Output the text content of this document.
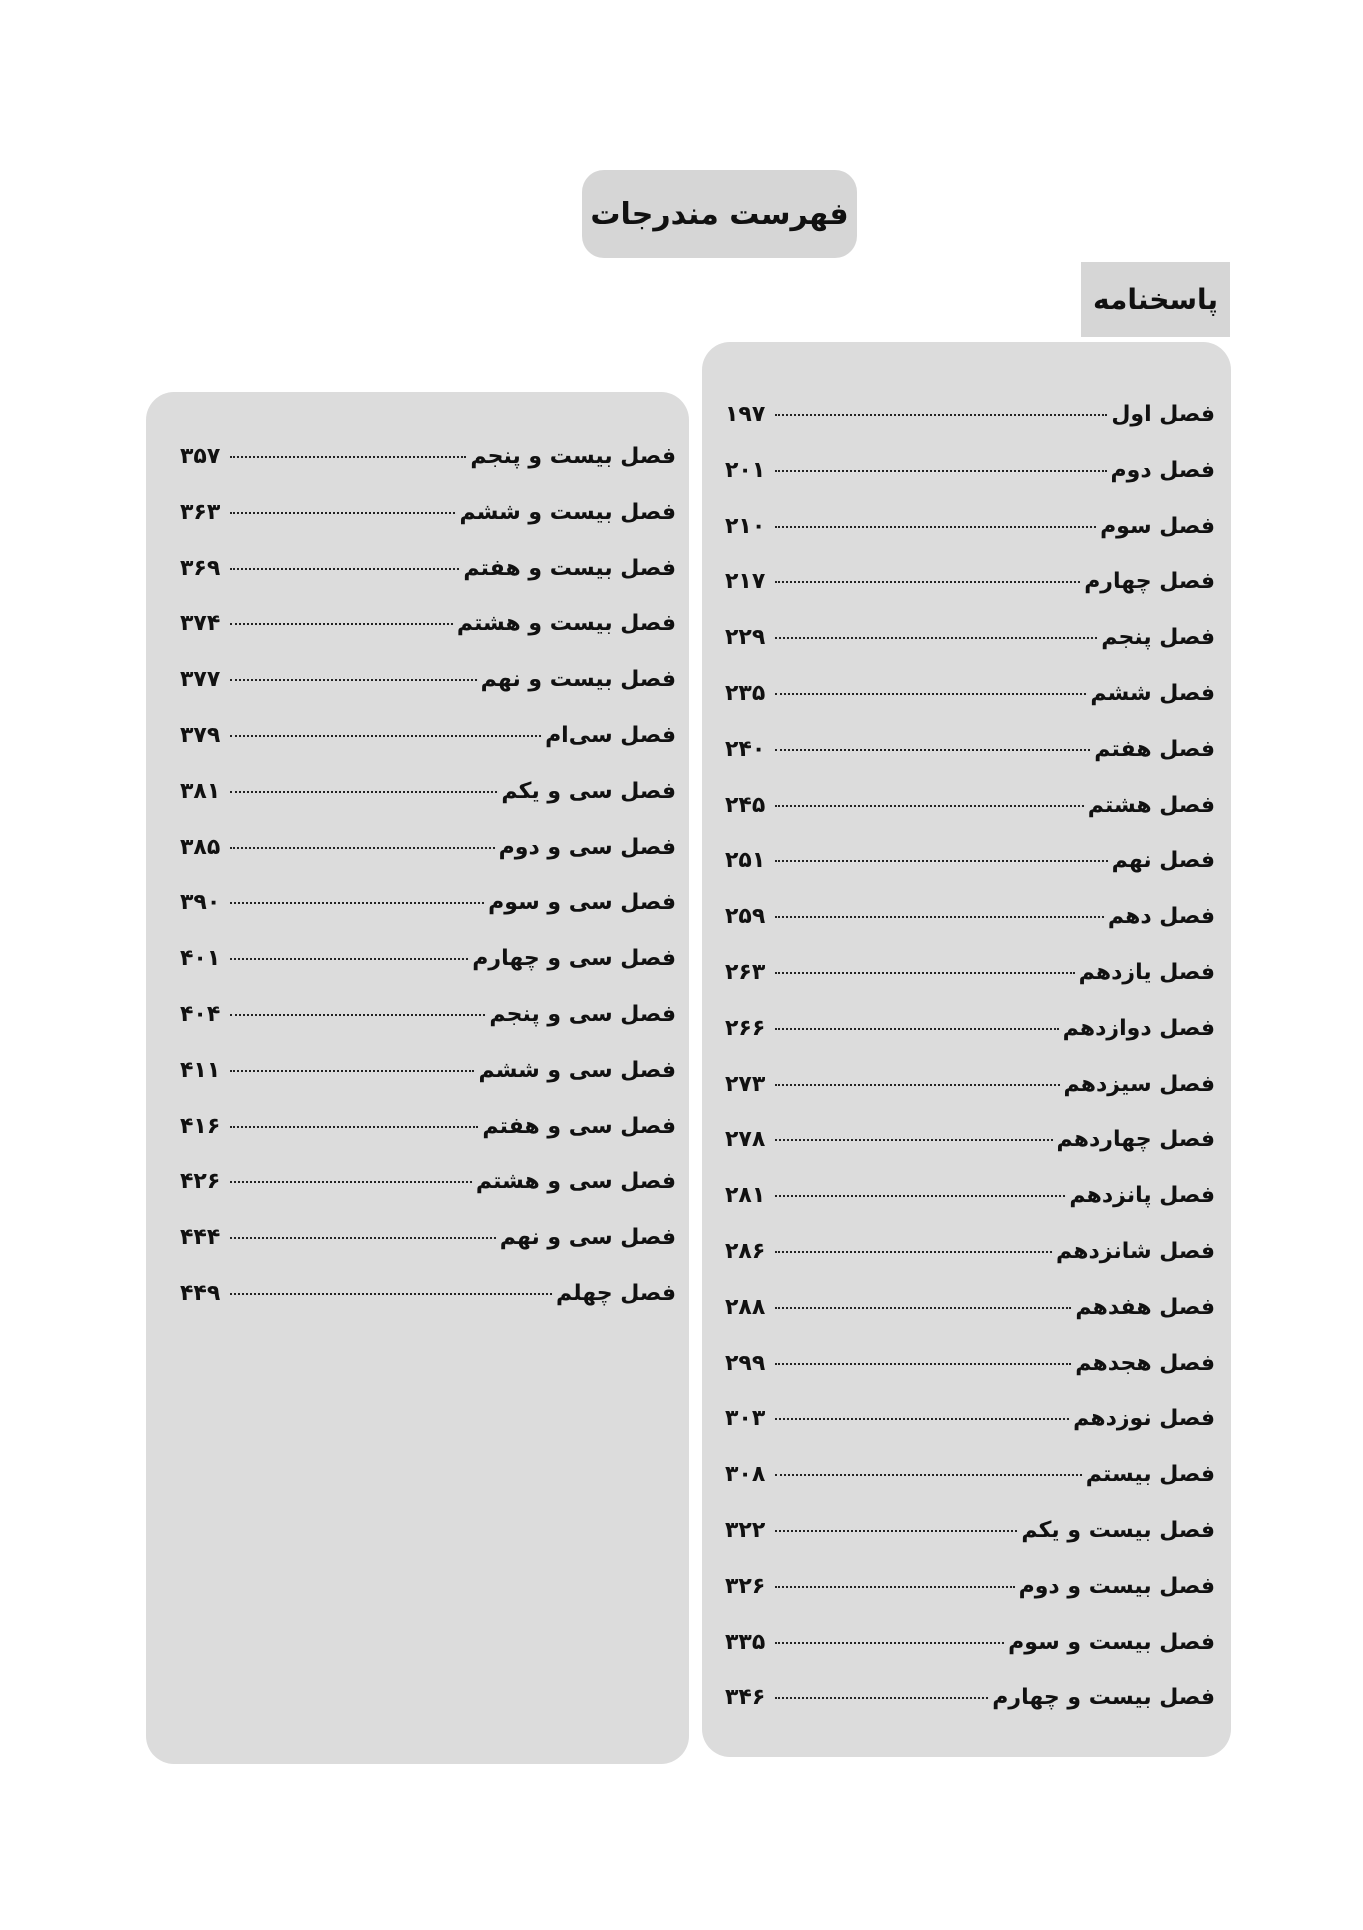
فهرست مندرجات
پاسخنامه
فصل اول
۱۹۷
فصل دوم
۲۰۱
فصل سوم
۲۱۰
فصل چهارم
۲۱۷
فصل پنجم
۲۲۹
فصل ششم
۲۳۵
فصل هفتم
۲۴۰
فصل هشتم
۲۴۵
فصل نهم
۲۵۱
فصل دهم
۲۵۹
فصل یازدهم
۲۶۳
فصل دوازدهم
۲۶۶
فصل سیزدهم
۲۷۳
فصل چهاردهم
۲۷۸
فصل پانزدهم
۲۸۱
فصل شانزدهم
۲۸۶
فصل هفدهم
۲۸۸
فصل هجدهم
۲۹۹
فصل نوزدهم
۳۰۳
فصل بیستم
۳۰۸
فصل بیست و یکم
۳۲۲
فصل بیست و دوم
۳۲۶
فصل بیست و سوم
۳۳۵
فصل بیست و چهارم
۳۴۶
فصل بیست و پنجم
۳۵۷
فصل بیست و ششم
۳۶۳
فصل بیست و هفتم
۳۶۹
فصل بیست و هشتم
۳۷۴
فصل بیست و نهم
۳۷۷
فصل سی‌ام
۳۷۹
فصل سی و یکم
۳۸۱
فصل سی و دوم
۳۸۵
فصل سی و سوم
۳۹۰
فصل سی و چهارم
۴۰۱
فصل سی و پنجم
۴۰۴
فصل سی و ششم
۴۱۱
فصل سی و هفتم
۴۱۶
فصل سی و هشتم
۴۲۶
فصل سی و نهم
۴۴۴
فصل چهلم
۴۴۹
